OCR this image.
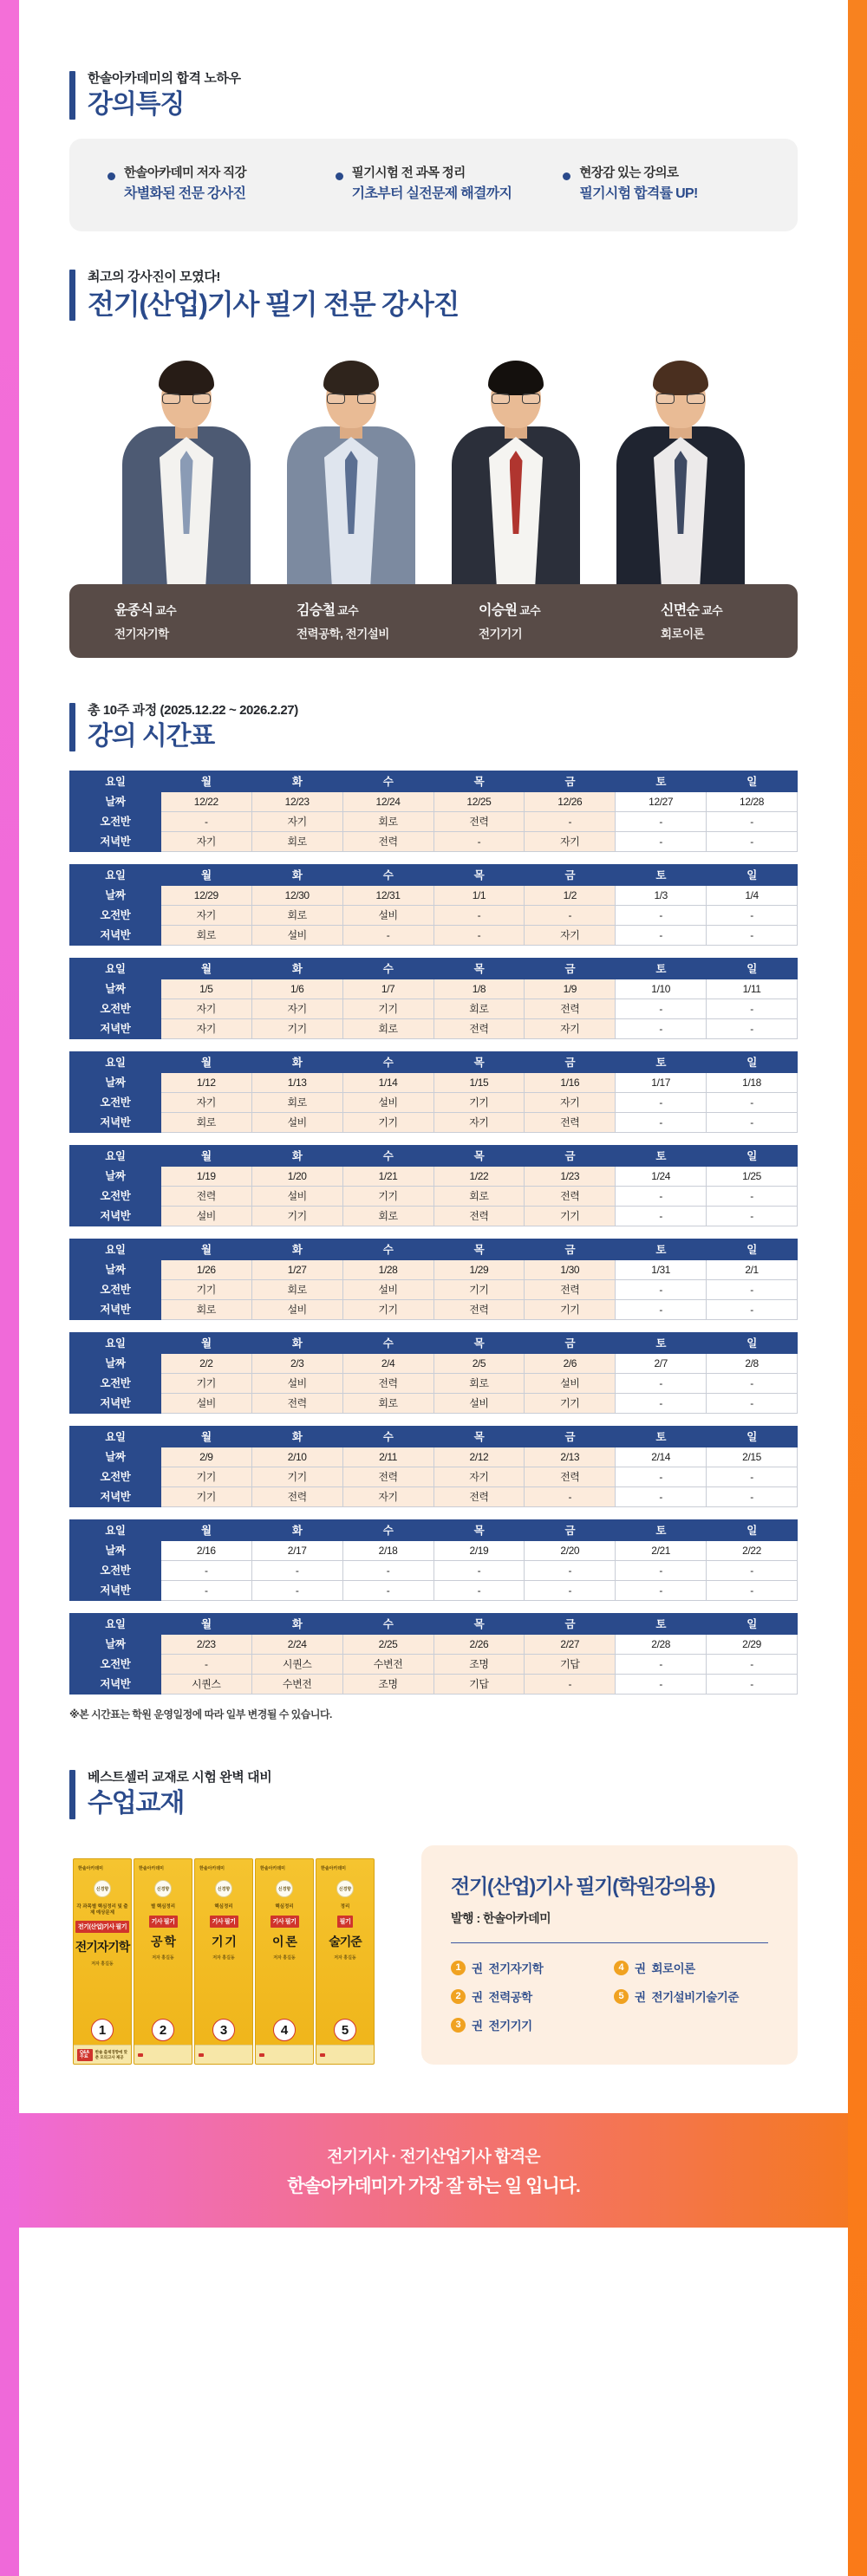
한솔아카데미의 합격 노하우
강의특징
한솔아카데미 저자 직강
차별화된 전문 강사진
필기시험 전 과목 정리
기초부터 실전문제 해결까지
현장감 있는 강의로
필기시험 합격률 UP!
최고의 강사진이 모였다!
전기(산업)기사 필기 전문 강사진
윤종식 교수
전기자기학
김승철 교수
전력공학, 전기설비
이승원 교수
전기기기
신면순 교수
회로이론
총 10주 과정 (2025.12.22 ~ 2026.2.27)
강의 시간표
요일	월	화	수	목	금	토	일
날짜	12/22	12/23	12/24	12/25	12/26	12/27	12/28
오전반	-	자기	회로	전력	-	-	-
저녁반	자기	회로	전력	-	자기	-	-
요일	월	화	수	목	금	토	일
날짜	12/29	12/30	12/31	1/1	1/2	1/3	1/4
오전반	자기	회로	설비	-	-	-	-
저녁반	회로	설비	-	-	자기	-	-
요일	월	화	수	목	금	토	일
날짜	1/5	1/6	1/7	1/8	1/9	1/10	1/11
오전반	자기	자기	기기	회로	전력	-	-
저녁반	자기	기기	회로	전력	자기	-	-
요일	월	화	수	목	금	토	일
날짜	1/12	1/13	1/14	1/15	1/16	1/17	1/18
오전반	자기	회로	설비	기기	자기	-	-
저녁반	회로	설비	기기	자기	전력	-	-
요일	월	화	수	목	금	토	일
날짜	1/19	1/20	1/21	1/22	1/23	1/24	1/25
오전반	전력	설비	기기	회로	전력	-	-
저녁반	설비	기기	회로	전력	기기	-	-
요일	월	화	수	목	금	토	일
날짜	1/26	1/27	1/28	1/29	1/30	1/31	2/1
오전반	기기	회로	설비	기기	전력	-	-
저녁반	회로	설비	기기	전력	기기	-	-
요일	월	화	수	목	금	토	일
날짜	2/2	2/3	2/4	2/5	2/6	2/7	2/8
오전반	기기	설비	전력	회로	설비	-	-
저녁반	설비	전력	회로	설비	기기	-	-
요일	월	화	수	목	금	토	일
날짜	2/9	2/10	2/11	2/12	2/13	2/14	2/15
오전반	기기	기기	전력	자기	전력	-	-
저녁반	기기	전력	자기	전력	-	-	-
요일	월	화	수	목	금	토	일
날짜	2/16	2/17	2/18	2/19	2/20	2/21	2/22
오전반	-	-	-	-	-	-	-
저녁반	-	-	-	-	-	-	-
요일	월	화	수	목	금	토	일
날짜	2/23	2/24	2/25	2/26	2/27	2/28	2/29
오전반	-	시퀀스	수변전	조명	기답	-	-
저녁반	시퀀스	수변전	조명	기답	-	-	-
※본 시간표는 학원 운영일정에 따라 일부 변경될 수 있습니다.
베스트셀러 교재로 시험 완벽 대비
수업교재
한솔아카데미
신경향
각 과목별 핵심정리 및 출제 예상문제
전기(산업)기사 필기
전기자기학
저자 홍길동
1
Q&A 무료
한솔 출제경향에 맞춘 모의고사 제공
한솔아카데미
신경향
별 핵심정리
기사 필기
공 학
저자 홍길동
2
한솔아카데미
신경향
핵심정리
기사 필기
기 기
저자 홍길동
3
한솔아카데미
신경향
핵심정리
기사 필기
이 론
저자 홍길동
4
한솔아카데미
신경향
정리
필기
술기준
저자 홍길동
5
전기(산업)기사 필기(학원강의용)
발행 : 한솔아카데미
1 권 전기자기학	4 권 회로이론
2 권 전력공학	5 권 전기설비기술기준
3 권 전기기기
전기기사 · 전기산업기사 합격은
한솔아카데미가 가장 잘 하는 일 입니다.
